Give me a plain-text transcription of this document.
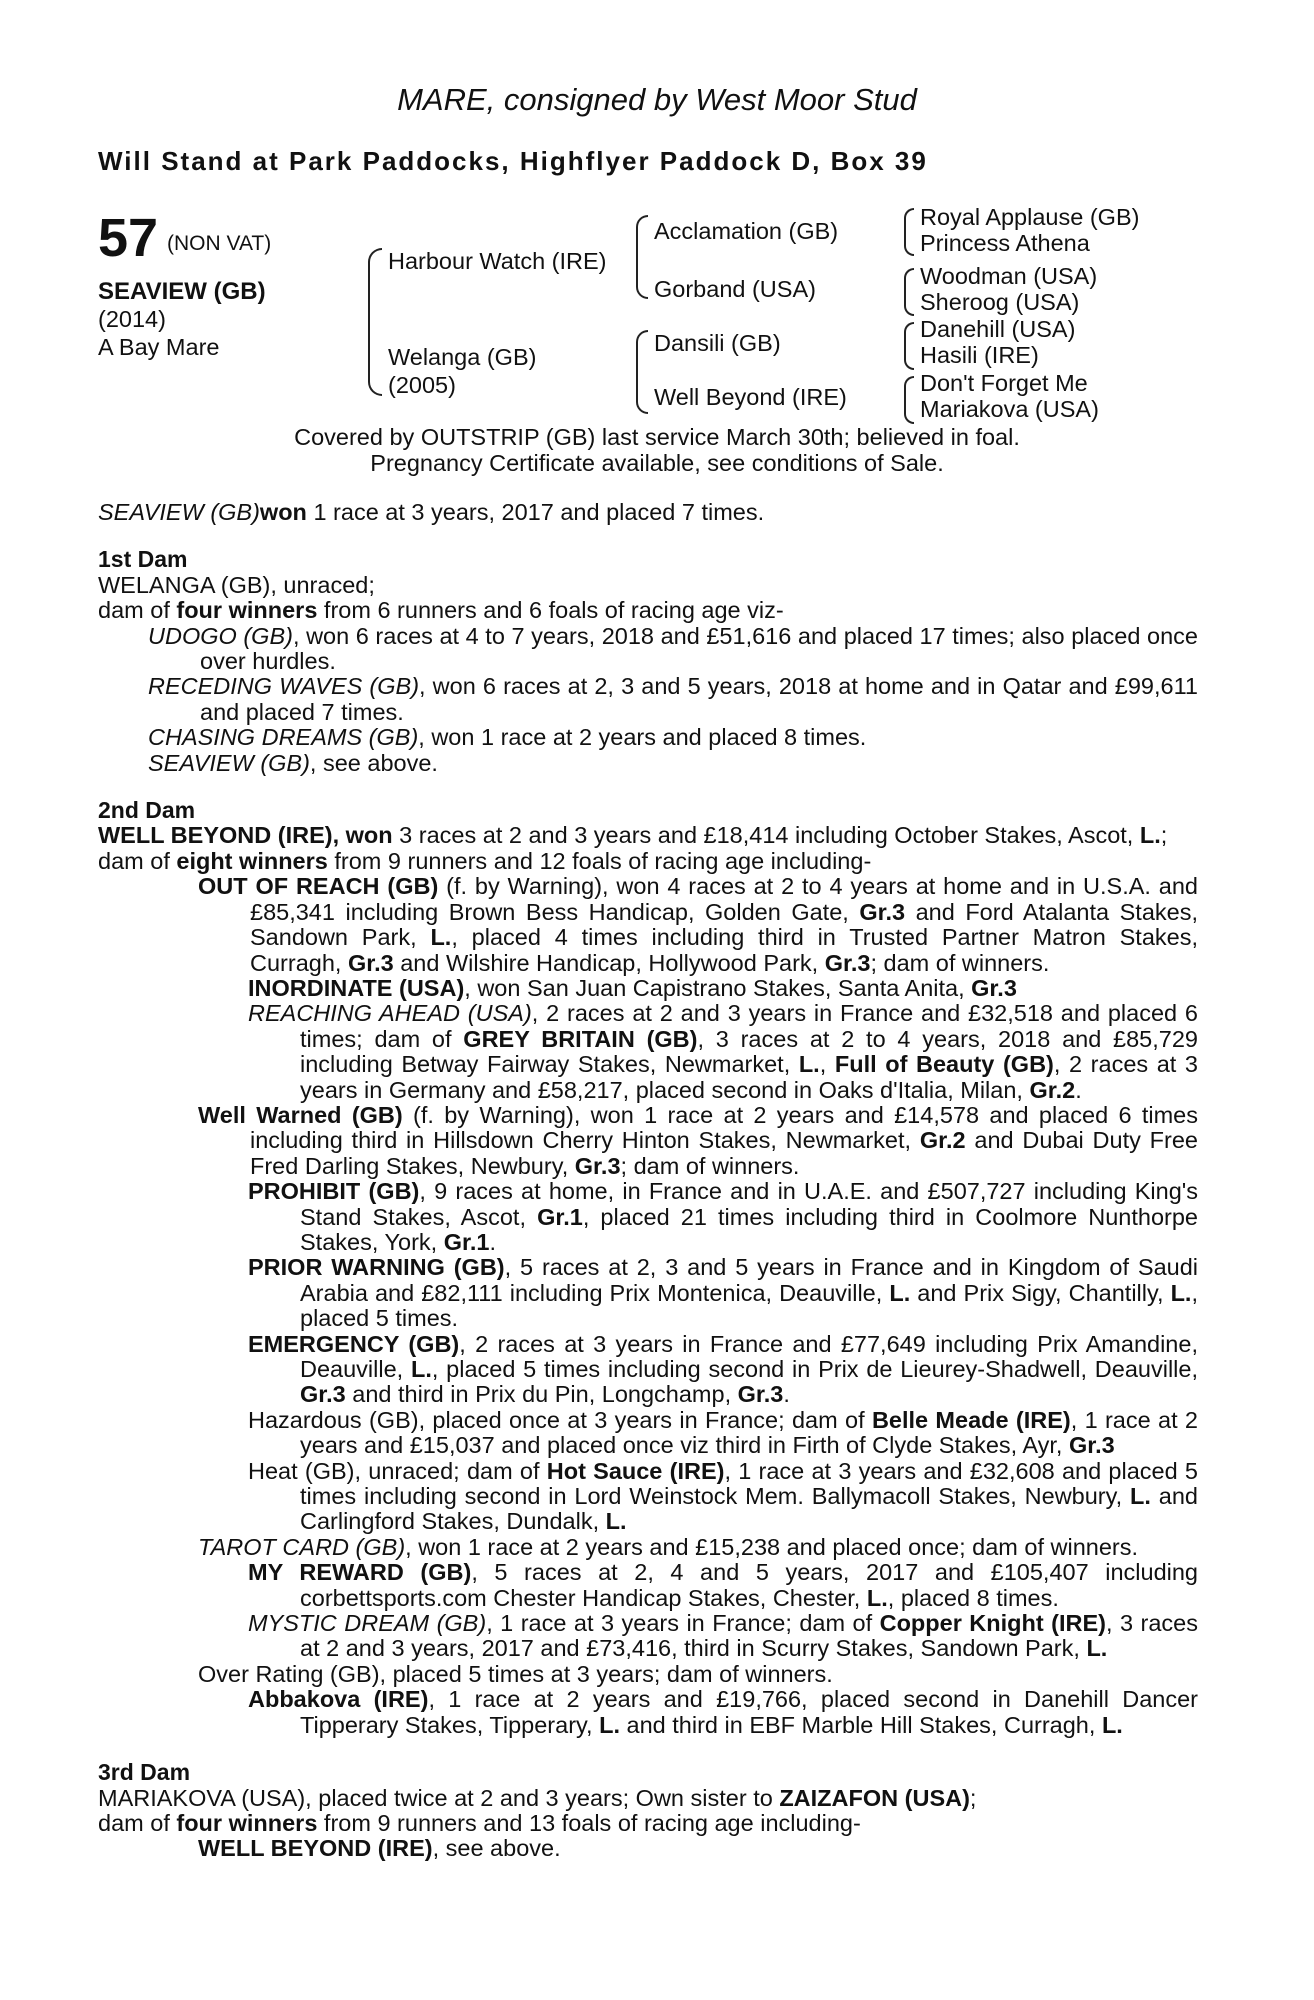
MARE, consigned by West Moor Stud
Will Stand at Park Paddocks, Highflyer Paddock D, Box 39
57 (NON VAT)
SEAVIEW (GB)
(2014)
A Bay Mare
Harbour Watch (IRE)
Welanga (GB)
(2005)
Acclamation (GB)
Gorband (USA)
Dansili (GB)
Well Beyond (IRE)
Royal Applause (GB)
Princess Athena
Woodman (USA)
Sheroog (USA)
Danehill (USA)
Hasili (IRE)
Don't Forget Me
Mariakova (USA)
Covered by OUTSTRIP (GB) last service March 30th; believed in foal.
Pregnancy Certificate available, see conditions of Sale.

SEAVIEW (GB)won 1 race at 3 years, 2017 and placed 7 times.

1st Dam

WELANGA (GB), unraced;

dam of four winners from 6 runners and 6 foals of racing age viz-

UDOGO (GB), won 6 races at 4 to 7 years, 2018 and £51,616 and placed 17 times; also placed once over hurdles.

RECEDING WAVES (GB), won 6 races at 2, 3 and 5 years, 2018 at home and in Qatar and £99,611 and placed 7 times.

CHASING DREAMS (GB), won 1 race at 2 years and placed 8 times.

SEAVIEW (GB), see above.

2nd Dam

WELL BEYOND (IRE), won 3 races at 2 and 3 years and £18,414 including October Stakes, Ascot, L.;

dam of eight winners from 9 runners and 12 foals of racing age including-

OUT OF REACH (GB) (f. by Warning), won 4 races at 2 to 4 years at home and in U.S.A. and £85,341 including Brown Bess Handicap, Golden Gate, Gr.3 and Ford Atalanta Stakes, Sandown Park, L., placed 4 times including third in Trusted Partner Matron Stakes, Curragh, Gr.3 and Wilshire Handicap, Hollywood Park, Gr.3; dam of winners.

INORDINATE (USA), won San Juan Capistrano Stakes, Santa Anita, Gr.3

REACHING AHEAD (USA), 2 races at 2 and 3 years in France and £32,518 and placed 6 times; dam of GREY BRITAIN (GB), 3 races at 2 to 4 years, 2018 and £85,729 including Betway Fairway Stakes, Newmarket, L., Full of Beauty (GB), 2 races at 3 years in Germany and £58,217, placed second in Oaks d'Italia, Milan, Gr.2.

Well Warned (GB) (f. by Warning), won 1 race at 2 years and £14,578 and placed 6 times including third in Hillsdown Cherry Hinton Stakes, Newmarket, Gr.2 and Dubai Duty Free Fred Darling Stakes, Newbury, Gr.3; dam of winners.

PROHIBIT (GB), 9 races at home, in France and in U.A.E. and £507,727 including King's Stand Stakes, Ascot, Gr.1, placed 21 times including third in Coolmore Nunthorpe Stakes, York, Gr.1.

PRIOR WARNING (GB), 5 races at 2, 3 and 5 years in France and in Kingdom of Saudi Arabia and £82,111 including Prix Montenica, Deauville, L. and Prix Sigy, Chantilly, L., placed 5 times.

EMERGENCY (GB), 2 races at 3 years in France and £77,649 including Prix Amandine, Deauville, L., placed 5 times including second in Prix de Lieurey-Shadwell, Deauville, Gr.3 and third in Prix du Pin, Longchamp, Gr.3.

Hazardous (GB), placed once at 3 years in France; dam of Belle Meade (IRE), 1 race at 2 years and £15,037 and placed once viz third in Firth of Clyde Stakes, Ayr, Gr.3

Heat (GB), unraced; dam of Hot Sauce (IRE), 1 race at 3 years and £32,608 and placed 5 times including second in Lord Weinstock Mem. Ballymacoll Stakes, Newbury, L. and Carlingford Stakes, Dundalk, L.

TAROT CARD (GB), won 1 race at 2 years and £15,238 and placed once; dam of winners.

MY REWARD (GB), 5 races at 2, 4 and 5 years, 2017 and £105,407 including corbettsports.com Chester Handicap Stakes, Chester, L., placed 8 times.

MYSTIC DREAM (GB), 1 race at 3 years in France; dam of Copper Knight (IRE), 3 races at 2 and 3 years, 2017 and £73,416, third in Scurry Stakes, Sandown Park, L.

Over Rating (GB), placed 5 times at 3 years; dam of winners.

Abbakova (IRE), 1 race at 2 years and £19,766, placed second in Danehill Dancer Tipperary Stakes, Tipperary, L. and third in EBF Marble Hill Stakes, Curragh, L.

3rd Dam

MARIAKOVA (USA), placed twice at 2 and 3 years; Own sister to ZAIZAFON (USA);

dam of four winners from 9 runners and 13 foals of racing age including-

WELL BEYOND (IRE), see above.
